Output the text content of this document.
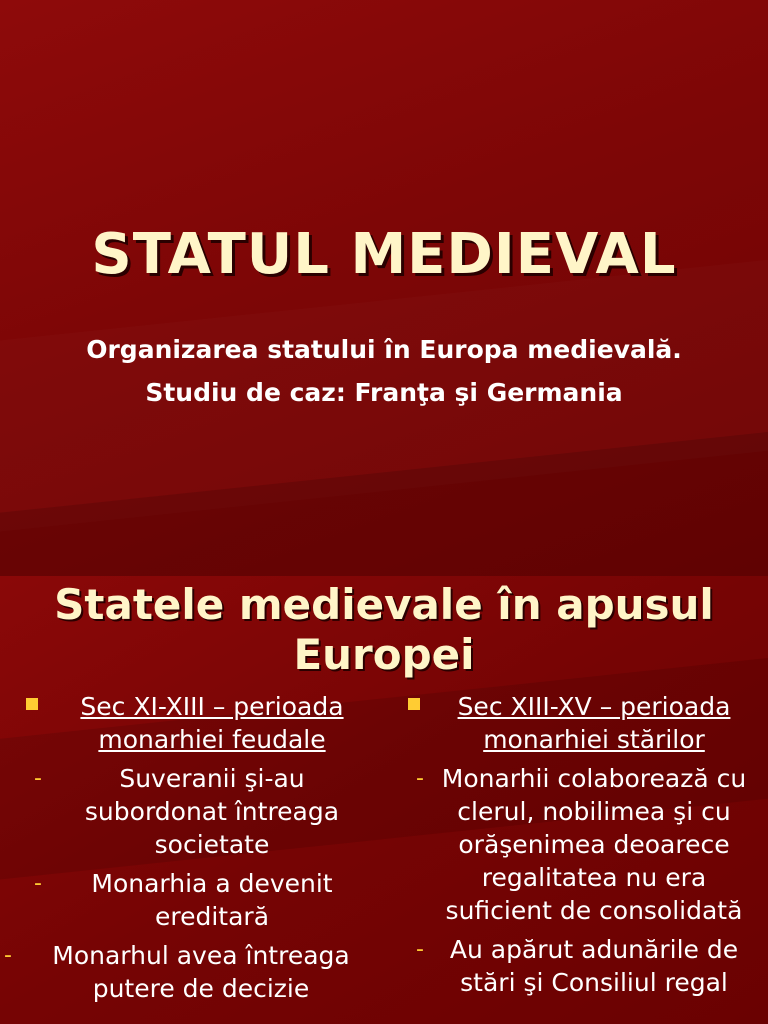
STATUL MEDIEVAL

Organizarea statului în Europa medievală.

Studiu de caz: Franţa şi Germania

Statele medievale în apusul Europei
Sec XI-XIII – perioada monarhiei feudale
-	Suveranii şi-au subordonat întreaga societate
- Monarhia a devenit ereditară
- Monarhul avea întreaga putere de decizie
Sec XIII-XV – perioada monarhiei stărilor
- Monarhii colaborează cu clerul, nobilimea şi cu orăşenimea deoarece regalitatea nu era suficient de consolidată
- Au apărut adunările de stări şi Consiliul regal
